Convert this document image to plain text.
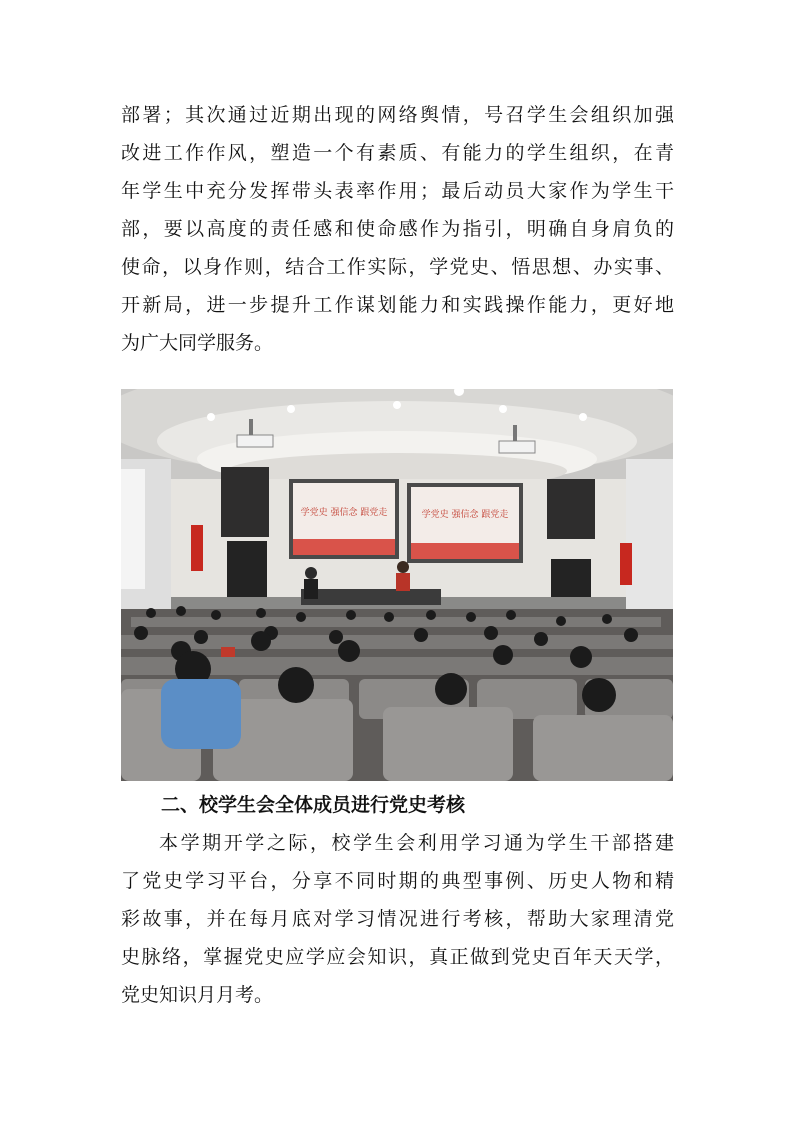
部署；其次通过近期出现的网络舆情，号召学生会组织加强
改进工作作风，塑造一个有素质、有能力的学生组织，在青
年学生中充分发挥带头表率作用；最后动员大家作为学生干
部，要以高度的责任感和使命感作为指引，明确自身肩负的
使命，以身作则，结合工作实际，学党史、悟思想、办实事、
开新局，进一步提升工作谋划能力和实践操作能力，更好地
为广大同学服务。
学党史 强信念 跟党走	学党史 强信念 跟党走
二、校学生会全体成员进行党史考核
本学期开学之际，校学生会利用学习通为学生干部搭建
了党史学习平台，分享不同时期的典型事例、历史人物和精
彩故事，并在每月底对学习情况进行考核，帮助大家理清党
史脉络，掌握党史应学应会知识，真正做到党史百年天天学，
党史知识月月考。
